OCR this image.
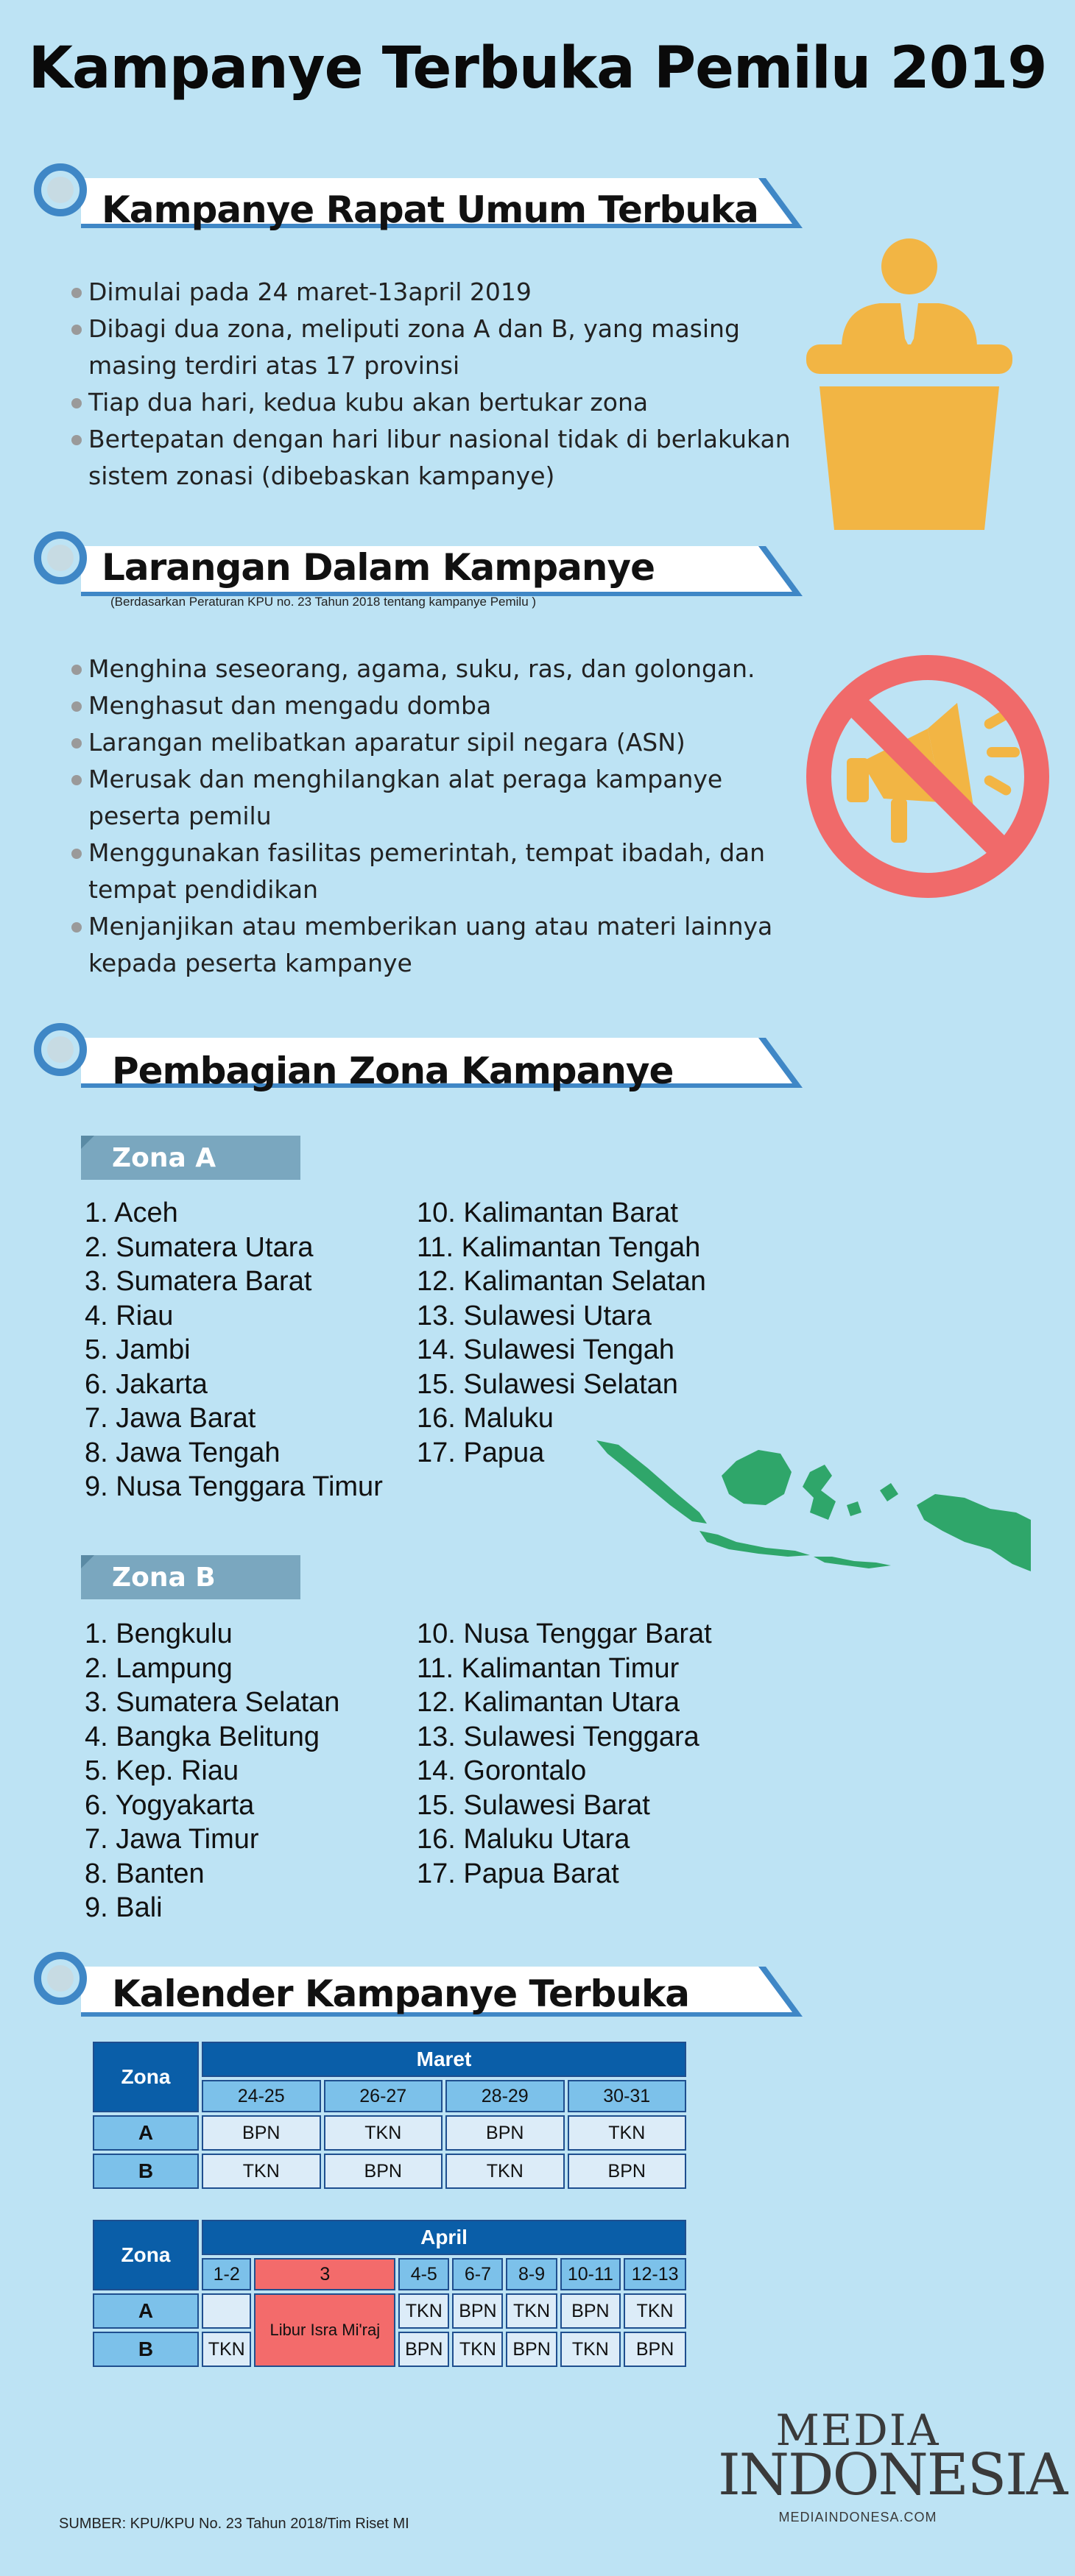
Kampanye Terbuka Pemilu 2019
Kampanye Rapat Umum Terbuka
Dimulai pada 24 maret-13april 2019
Dibagi dua zona, meliputi zona A dan B, yang masing
masing terdiri atas 17 provinsi
Tiap dua hari, kedua kubu akan bertukar zona
Bertepatan dengan hari libur nasional tidak di berlakukan
sistem zonasi (dibebaskan kampanye)
Larangan Dalam Kampanye
(Berdasarkan Peraturan KPU no. 23 Tahun 2018 tentang kampanye Pemilu )
Menghina seseorang, agama, suku, ras, dan golongan.
Menghasut dan mengadu domba
Larangan melibatkan aparatur sipil negara (ASN)
Merusak dan menghilangkan alat peraga kampanye
peserta pemilu
Menggunakan fasilitas pemerintah, tempat ibadah, dan
tempat pendidikan
Menjanjikan atau memberikan uang atau materi lainnya
kepada peserta kampanye
Pembagian Zona Kampanye
Zona A
1. Aceh
2. Sumatera Utara
3. Sumatera Barat
4. Riau
5. Jambi
6. Jakarta
7. Jawa Barat
8. Jawa Tengah
9. Nusa Tenggara Timur
10. Kalimantan Barat
11. Kalimantan Tengah
12. Kalimantan Selatan
13. Sulawesi Utara
14. Sulawesi Tengah
15. Sulawesi Selatan
16. Maluku
17. Papua
Zona B
1. Bengkulu
2. Lampung
3. Sumatera Selatan
4. Bangka Belitung
5. Kep. Riau
6. Yogyakarta
7. Jawa Timur
8. Banten
9. Bali
10. Nusa Tenggar Barat
11. Kalimantan Timur
12. Kalimantan Utara
13. Sulawesi Tenggara
14. Gorontalo
15. Sulawesi Barat
16. Maluku Utara
17. Papua Barat
Kalender Kampanye Terbuka
Zona	Maret			
	24-25	26-27	28-29	30-31
A	BPN	TKN	BPN	TKN
B	TKN	BPN	TKN	BPN
Zona	April						
	1-2	3	4-5	6-7	8-9	10-11	12-13
A		Libur Isra Mi'raj	TKN	BPN	TKN	BPN	TKN
B	TKN		BPN	TKN	BPN	TKN	BPN
MEDIA
INDONESIA
MEDIAINDONESA.COM
SUMBER: KPU/KPU No. 23 Tahun 2018/Tim Riset MI
